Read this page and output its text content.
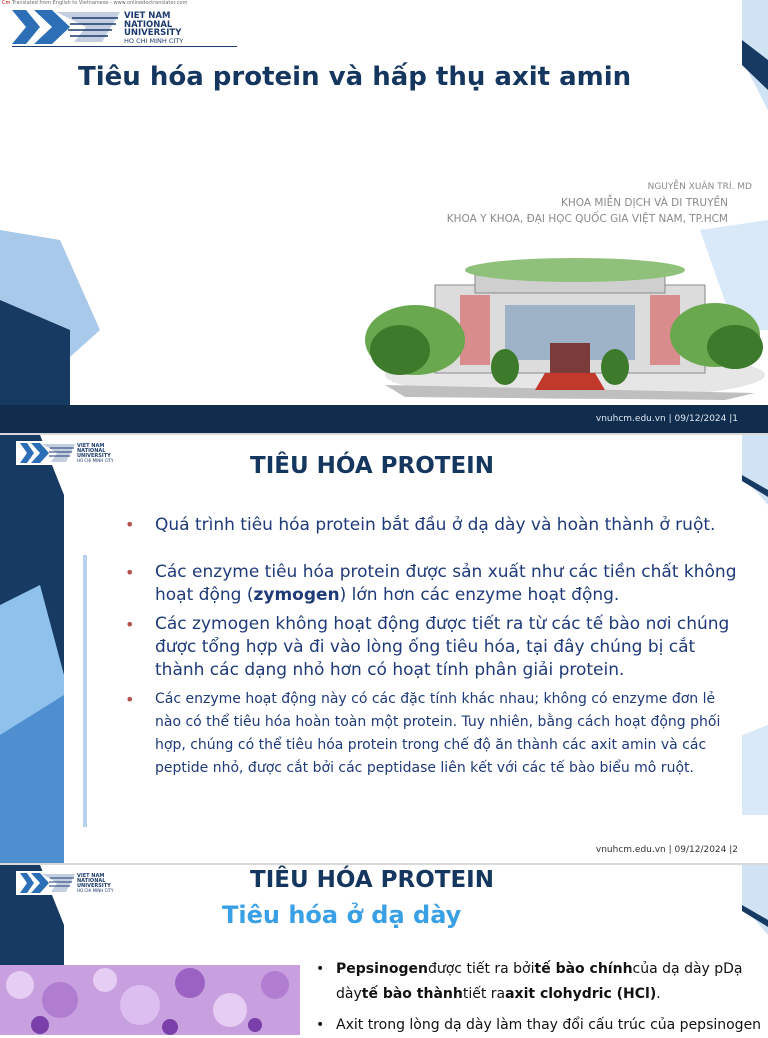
Cm Translated from English to Vietnamese - www.onlinedoctranslator.com
VIET NAM
NATIONAL
UNIVERSITY
HO CHI MINH CITY
Tiêu hóa protein và hấp thụ axit amin
NGUYỄN XUÂN TRÍ. MD
KHOA MIỄN DỊCH VÀ DI TRUYỀN
KHOA Y KHOA, ĐẠI HỌC QUỐC GIA VIỆT NAM, TP.HCM
vnuhcm.edu.vn | 09/12/2024 |1
VIET NAM
NATIONAL
UNIVERSITY
HO CHI MINH CITY	TIÊU HÓA PROTEIN
• Quá trình tiêu hóa protein bắt đầu ở dạ dày và hoàn thành ở ruột.
• Các enzyme tiêu hóa protein được sản xuất như các tiền chất không hoạt động (zymogen) lớn hơn các enzyme hoạt động.
• Các zymogen không hoạt động được tiết ra từ các tế bào nơi chúng được tổng hợp và đi vào lòng ống tiêu hóa, tại đây chúng bị cắt thành các dạng nhỏ hơn có hoạt tính phân giải protein.
• Các enzyme hoạt động này có các đặc tính khác nhau; không có enzyme đơn lẻ nào có thể tiêu hóa hoàn toàn một protein. Tuy nhiên, bằng cách hoạt động phối hợp, chúng có thể tiêu hóa protein trong chế độ ăn thành các axit amin và các peptide nhỏ, được cắt bởi các peptidase liên kết với các tế bào biểu mô ruột.
vnuhcm.edu.vn | 09/12/2024 |2
VIET NAM
NATIONAL
UNIVERSITY
HO CHI MINH CITY	TIÊU HÓA PROTEIN
Tiêu hóa ở dạ dày
• Pepsinogenđược tiết ra bởitế bào chínhcủa dạ dày pDạ dàytế bào thànhtiết raaxit clohydric (HCl).
• Axit trong lòng dạ dày làm thay đổi cấu trúc của pepsinogen
